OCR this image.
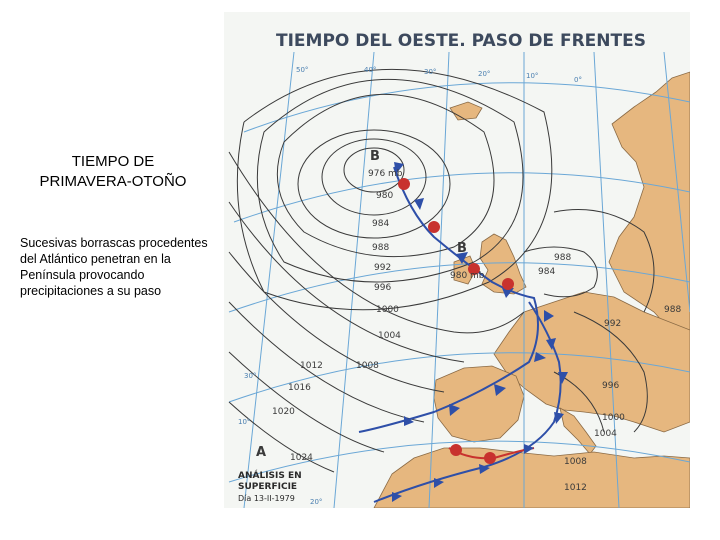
TIEMPO DE
PRIMAVERA-OTOÑO
Sucesivas borrascas procedentes del Atlántico penetran en la Península provocando precipitaciones a su paso
TIEMPO DEL OESTE. PASO DE FRENTES
B
976 mb
B
980 mb
A	1024
980
984
988
992
996
1000
1004
1008
1012
1016
1020
988
984
992
988
996
1000
1004
1008
1012
50°	40°	30°	20°	10°	0°
10°
20°
30°
ANÁLISIS EN
SUPERFICIE
Día 13-II-1979
